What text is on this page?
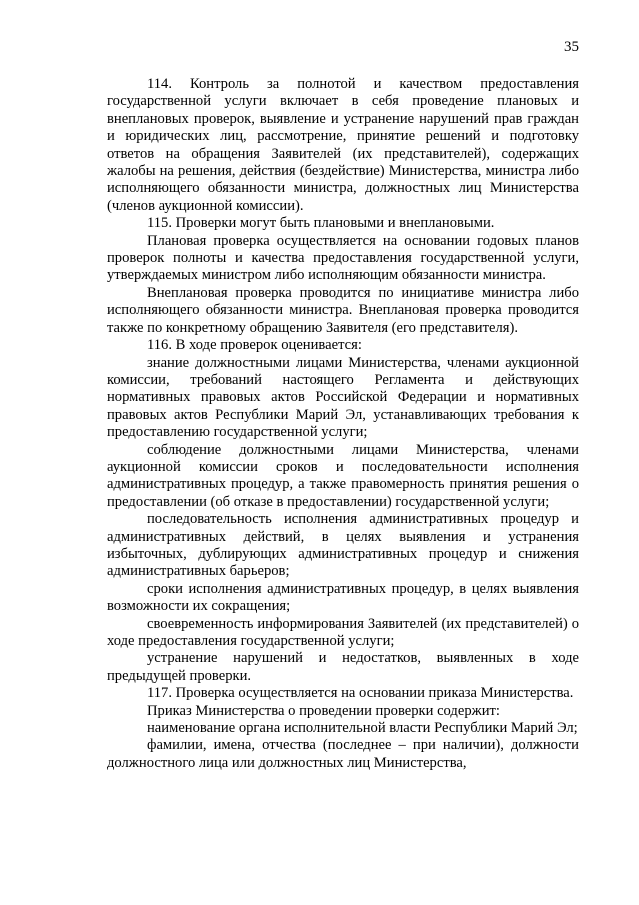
35

114. Контроль за полнотой и качеством предоставления государственной услуги включает в себя проведение плановых и внеплановых проверок, выявление и устранение нарушений прав граждан и юридических лиц, рассмотрение, принятие решений и подготовку ответов на обращения Заявителей (их представителей), содержащих жалобы на решения, действия (бездействие) Министерства, министра либо исполняющего обязанности министра, должностных лиц Министерства (членов аукционной комиссии).

115. Проверки могут быть плановыми и внеплановыми.

Плановая проверка осуществляется на основании годовых планов проверок полноты и качества предоставления государственной услуги, утверждаемых министром либо исполняющим обязанности министра.

Внеплановая проверка проводится по инициативе министра либо исполняющего обязанности министра. Внеплановая проверка проводится также по конкретному обращению Заявителя (его представителя).

116. В ходе проверок оценивается:

знание должностными лицами Министерства, членами аукционной комиссии, требований настоящего Регламента и действующих нормативных правовых актов Российской Федерации и нормативных правовых актов Республики Марий Эл, устанавливающих требования к предоставлению государственной услуги;

соблюдение должностными лицами Министерства, членами аукционной комиссии сроков и последовательности исполнения административных процедур, а также правомерность принятия решения о предоставлении (об отказе в предоставлении) государственной услуги;

последовательность исполнения административных процедур и административных действий, в целях выявления и устранения избыточных, дублирующих административных процедур и снижения административных барьеров;

сроки исполнения административных процедур, в целях выявления возможности их сокращения;

своевременность информирования Заявителей (их представителей) о ходе предоставления государственной услуги;

устранение нарушений и недостатков, выявленных в ходе предыдущей проверки.

117. Проверка осуществляется на основании приказа Министерства.

Приказ Министерства о проведении проверки содержит:

наименование органа исполнительной власти Республики Марий Эл;

фамилии, имена, отчества (последнее – при наличии), должности должностного лица или должностных лиц Министерства,
